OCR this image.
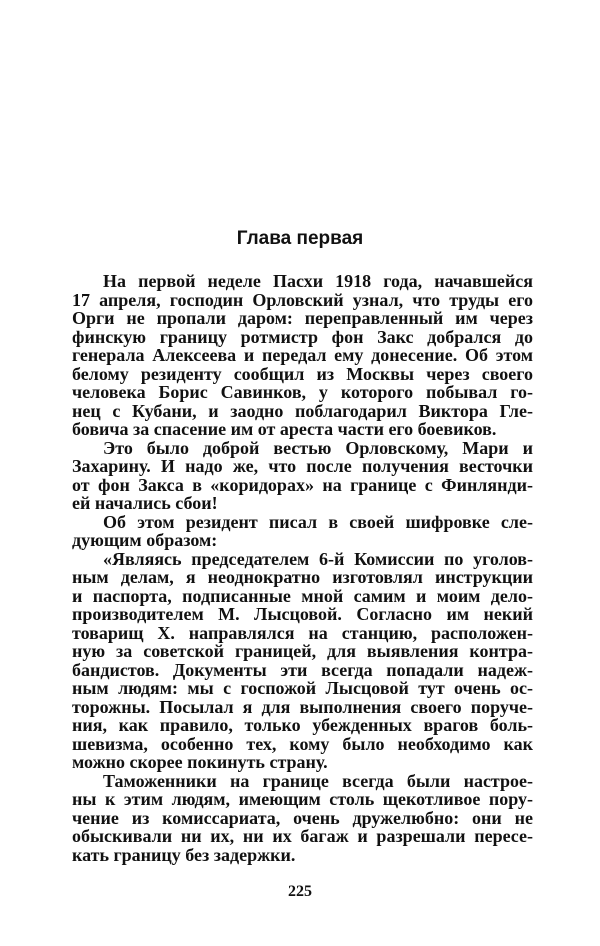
Глава первая
На первой неделе Пасхи 1918 года, начавшейся
17 апреля, господин Орловский узнал, что труды его
Орги не пропали даром: переправленный им через
финскую границу ротмистр фон Закс добрался до
генерала Алексеева и передал ему донесение. Об этом
белому резиденту сообщил из Москвы через своего
человека Борис Савинков, у которого побывал го-
нец с Кубани, и заодно поблагодарил Виктора Гле-
бовича за спасение им от ареста части его боевиков.
Это было доброй вестью Орловскому, Мари и
Захарину. И надо же, что после получения весточки
от фон Закса в «коридорах» на границе с Финлянди-
ей начались сбои!
Об этом резидент писал в своей шифровке сле-
дующим образом:
«Являясь председателем 6-й Комиссии по уголов-
ным делам, я неоднократно изготовлял инструкции
и паспорта, подписанные мной самим и моим дело-
производителем М. Лысцовой. Согласно им некий
товарищ Х. направлялся на станцию, расположен-
ную за советской границей, для выявления контра-
бандистов. Документы эти всегда попадали надеж-
ным людям: мы с госпожой Лысцовой тут очень ос-
торожны. Посылал я для выполнения своего поруче-
ния, как правило, только убежденных врагов боль-
шевизма, особенно тех, кому было необходимо как
можно скорее покинуть страну.
Таможенники на границе всегда были настрое-
ны к этим людям, имеющим столь щекотливое пору-
чение из комиссариата, очень дружелюбно: они не
обыскивали ни их, ни их багаж и разрешали пересе-
кать границу без задержки.
225
